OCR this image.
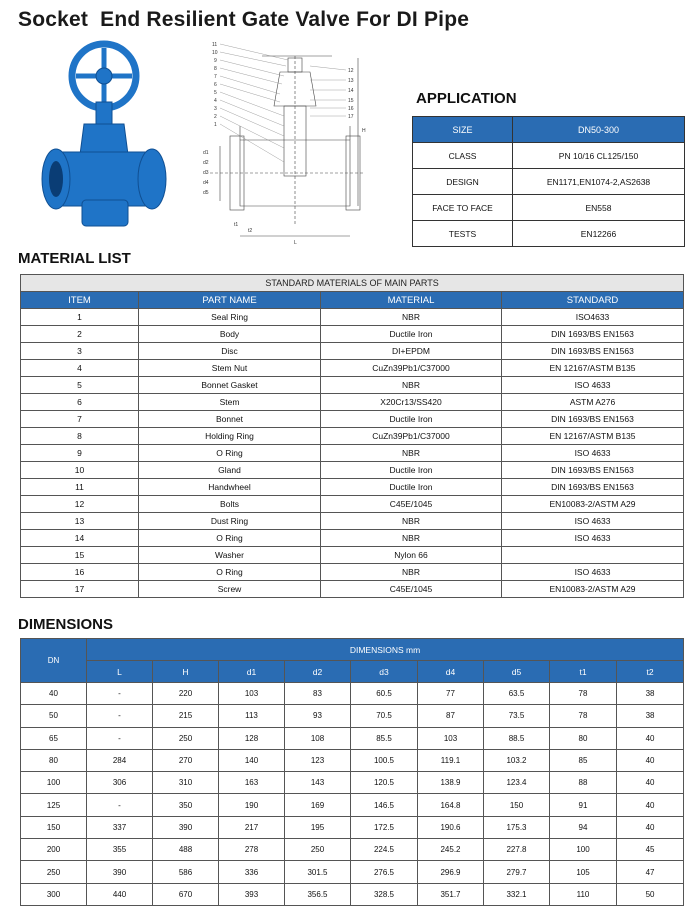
Socket  End Resilient Gate Valve For DI Pipe
11
10
9
8
7
6
5
4
3
2
1
12
13
14
15
16
17
H
L
d1
d2
d3
d4
d5
t1
t2
APPLICATION
SIZE	DN50-300
CLASS	PN 10/16 CL125/150
DESIGN	EN1171,EN1074-2,AS2638
FACE TO FACE	EN558
TESTS	EN12266
MATERIAL LIST
STANDARD MATERIALS OF MAIN PARTS			
ITEM	PART NAME	MATERIAL	STANDARD
1	Seal Ring	NBR	ISO4633
2	Body	Ductile Iron	DIN 1693/BS EN1563
3	Disc	DI+EPDM	DIN 1693/BS EN1563
4	Stem Nut	CuZn39Pb1/C37000	EN 12167/ASTM B135
5	Bonnet Gasket	NBR	ISO 4633
6	Stem	X20Cr13/SS420	ASTM A276
7	Bonnet	Ductile Iron	DIN 1693/BS EN1563
8	Holding Ring	CuZn39Pb1/C37000	EN 12167/ASTM B135
9	O Ring	NBR	ISO 4633
10	Gland	Ductile Iron	DIN 1693/BS EN1563
11	Handwheel	Ductile Iron	DIN 1693/BS EN1563
12	Bolts	C45E/1045	EN10083-2/ASTM A29
13	Dust Ring	NBR	ISO 4633
14	O Ring	NBR	ISO 4633
15	Washer	Nylon 66	
16	O Ring	NBR	ISO 4633
17	Screw	C45E/1045	EN10083-2/ASTM A29
DIMENSIONS
DN	DIMENSIONS mm								
	L	H	d1	d2	d3	d4	d5	t1	t2
40	-	220	103	83	60.5	77	63.5	78	38
50	-	215	113	93	70.5	87	73.5	78	38
65	-	250	128	108	85.5	103	88.5	80	40
80	284	270	140	123	100.5	119.1	103.2	85	40
100	306	310	163	143	120.5	138.9	123.4	88	40
125	-	350	190	169	146.5	164.8	150	91	40
150	337	390	217	195	172.5	190.6	175.3	94	40
200	355	488	278	250	224.5	245.2	227.8	100	45
250	390	586	336	301.5	276.5	296.9	279.7	105	47
300	440	670	393	356.5	328.5	351.7	332.1	110	50
